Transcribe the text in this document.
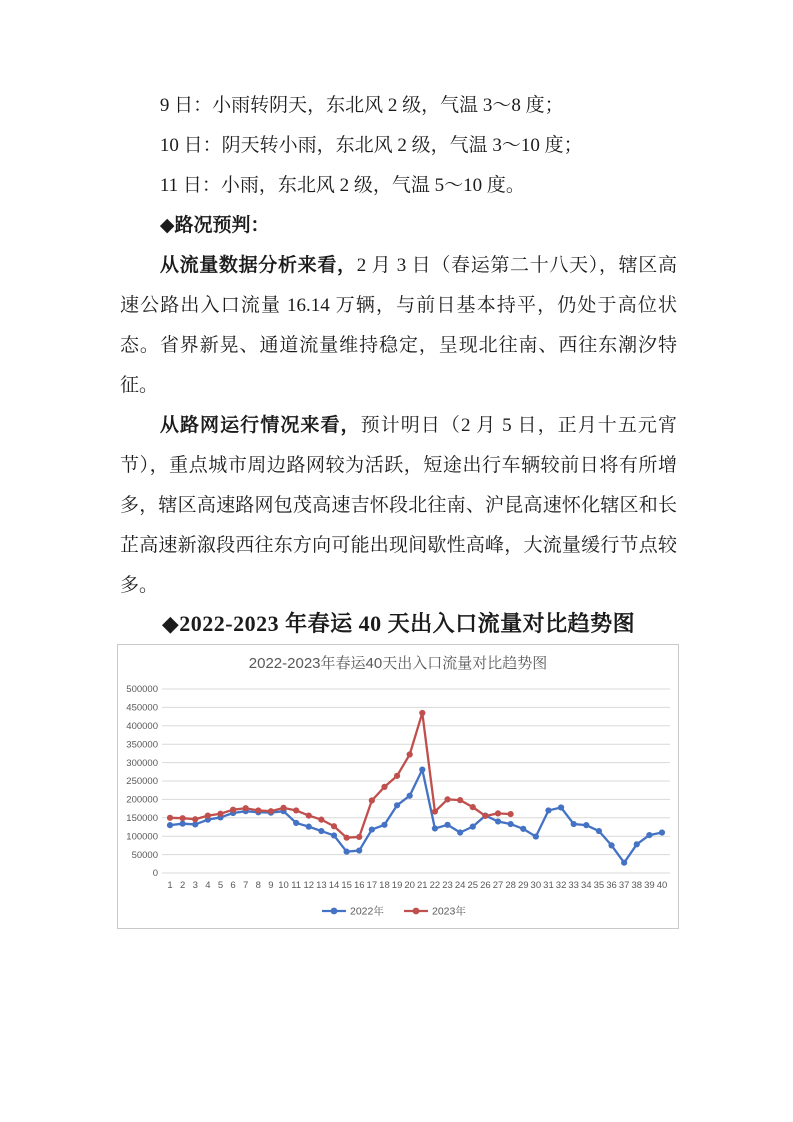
9 日：小雨转阴天，东北风 2 级，气温 3～8 度；

10 日：阴天转小雨，东北风 2 级，气温 3～10 度；

11 日：小雨，东北风 2 级，气温 5～10 度。

◆路况预判：

从流量数据分析来看，2 月 3 日（春运第二十八天），辖区高速公路出入口流量 16.14 万辆，与前日基本持平，仍处于高位状态。省界新晃、通道流量维持稳定，呈现北往南、西往东潮汐特征。

从路网运行情况来看，预计明日（2 月 5 日，正月十五元宵节），重点城市周边路网较为活跃，短途出行车辆较前日将有所增多，辖区高速路网包茂高速吉怀段北往南、沪昆高速怀化辖区和长芷高速新溆段西往东方向可能出现间歇性高峰，大流量缓行节点较多。

◆2022-2023 年春运 40 天出入口流量对比趋势图
2022-2023年春运40天出入口流量对比趋势图
0
50000
100000
150000
200000
250000
300000
350000
400000
450000
500000
1 2 3 4 5 6 7 8 9 10 11 12 13 14 15 16 17 18 19 20 21 22 23 24 25 26 27 28 29 30 31 32 33 34 35 36 37 38 39 40
2022年	2023年
